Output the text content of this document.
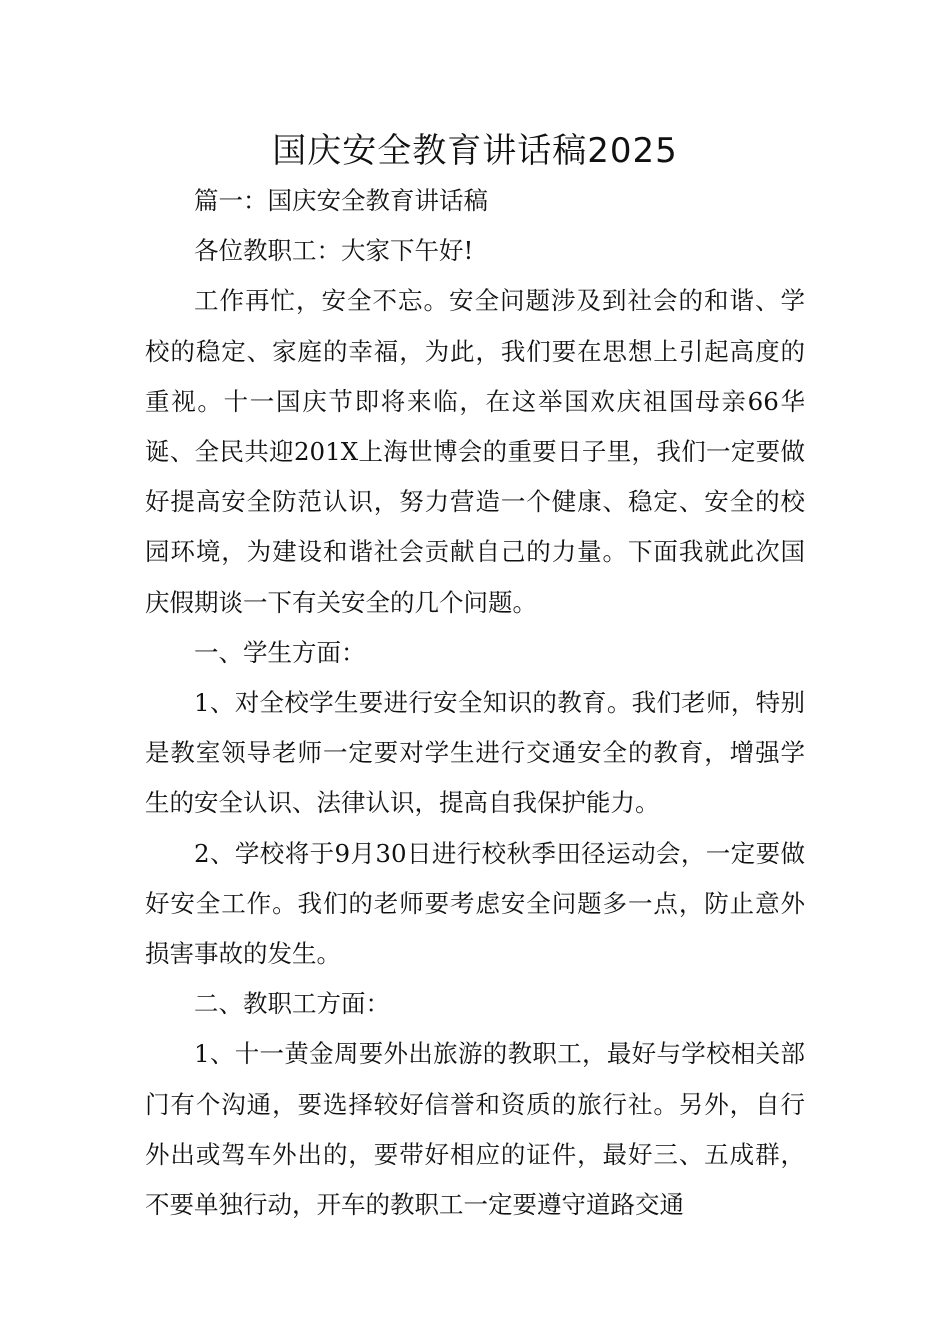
国庆安全教育讲话稿2025

篇一：国庆安全教育讲话稿

各位教职工：大家下午好!

工作再忙，安全不忘。安全问题涉及到社会的和谐、学校的稳定、家庭的幸福，为此，我们要在思想上引起高度的重视。十一国庆节即将来临，在这举国欢庆祖国母亲66华诞、全民共迎201X上海世博会的重要日子里，我们一定要做好提高安全防范认识，努力营造一个健康、稳定、安全的校园环境，为建设和谐社会贡献自己的力量。下面我就此次国庆假期谈一下有关安全的几个问题。

一、学生方面：

1、对全校学生要进行安全知识的教育。我们老师，特别是教室领导老师一定要对学生进行交通安全的教育，增强学生的安全认识、法律认识，提高自我保护能力。

2、学校将于9月30日进行校秋季田径运动会，一定要做好安全工作。我们的老师要考虑安全问题多一点，防止意外损害事故的发生。

二、教职工方面：

1、十一黄金周要外出旅游的教职工，最好与学校相关部门有个沟通，要选择较好信誉和资质的旅行社。另外，自行外出或驾车外出的，要带好相应的证件，最好三、五成群，不要单独行动，开车的教职工一定要遵守道路交通
